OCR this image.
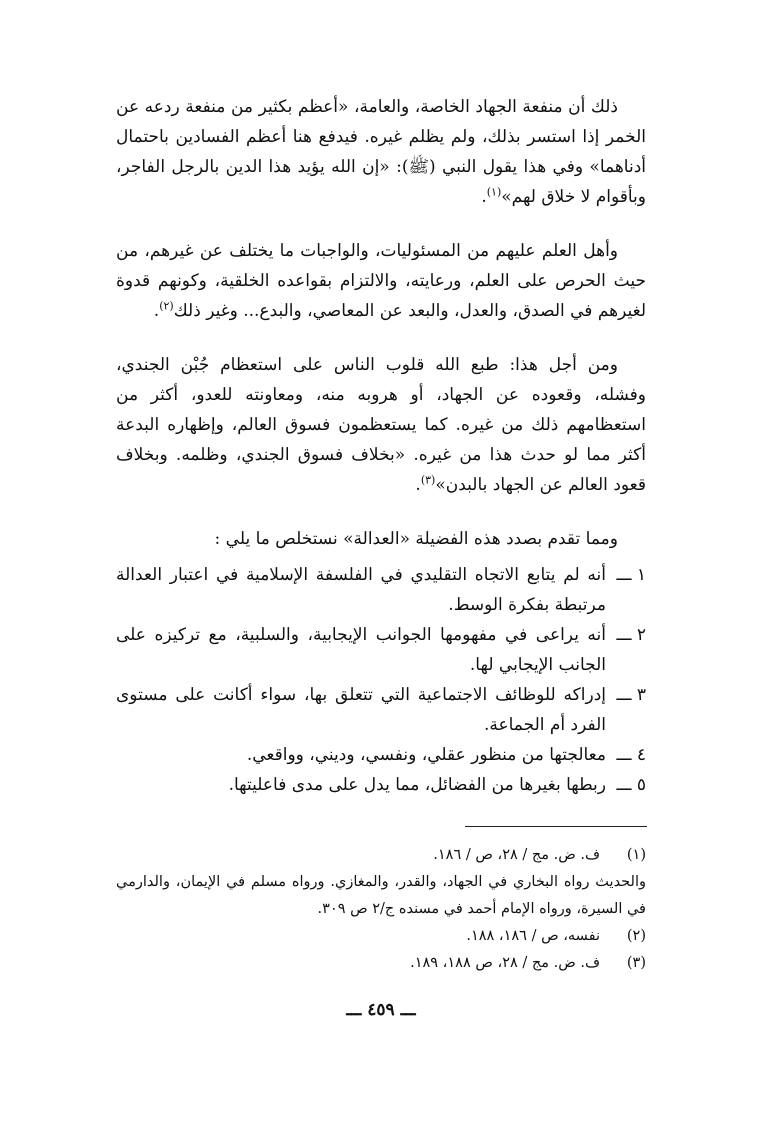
ذلك أن منفعة الجهاد الخاصة، والعامة، «أعظم بكثير من منفعة ردعه عن الخمر إذا استسر بذلك، ولم يظلم غيره. فيدفع هنا أعظم الفسادين باحتمال أدناهما» وفي هذا يقول النبي (ﷺ): «إن الله يؤيد هذا الدين بالرجل الفاجر، وبأقوام لا خلاق لهم»$^{(١)}$.

وأهل العلم عليهم من المسئوليات، والواجبات ما يختلف عن غيرهم، من حيث الحرص على العلم، ورعايته، والالتزام بقواعده الخلقية، وكونهم قدوة لغيرهم في الصدق، والعدل، والبعد عن المعاصي، والبدع... وغير ذلك$^{(٢)}$.

ومن أجل هذا: طبع الله قلوب الناس على استعظام جُبْن الجندي، وفشله، وقعوده عن الجهاد، أو هروبه منه، ومعاونته للعدو، أكثر من استعظامهم ذلك من غيره. كما يستعظمون فسوق العالم، وإظهاره البدعة أكثر مما لو حدث هذا من غيره. «بخلاف فسوق الجندي، وظلمه. وبخلاف قعود العالم عن الجهاد بالبدن»$^{(٣)}$.

ومما تقدم بصدد هذه الفضيلة «العدالة» نستخلص ما يلي :

١ ـــ
أنه لم يتابع الاتجاه التقليدي في الفلسفة الإسلامية في اعتبار العدالة مرتبطة بفكرة الوسط.
٢ ـــ
أنه يراعى في مفهومها الجوانب الإيجابية، والسلبية، مع تركيزه على الجانب الإيجابي لها.
٣ ـــ
إدراكه للوظائف الاجتماعية التي تتعلق بها، سواء أكانت على مستوى الفرد أم الجماعة.
٤ ـــ
معالجتها من منظور عقلي، ونفسي، وديني، وواقعي.
٥ ـــ
ربطها بغيرها من الفضائل، مما يدل على مدى فاعليتها.
(١)
ف. ض. مج / ٢٨، ص / ١٨٦.
والحديث رواه البخاري في الجهاد، والقدر، والمغازي. ورواه مسلم في الإيمان، والدارمي في السيرة، ورواه الإمام أحمد في مسنده ج/٢ ص ٣٠٩.
(٢)
نفسه، ص / ١٨٦، ١٨٨.
(٣)
ف. ض. مج / ٢٨، ص ١٨٨، ١٨٩.
ـــ ٤٥٩ ـــ
